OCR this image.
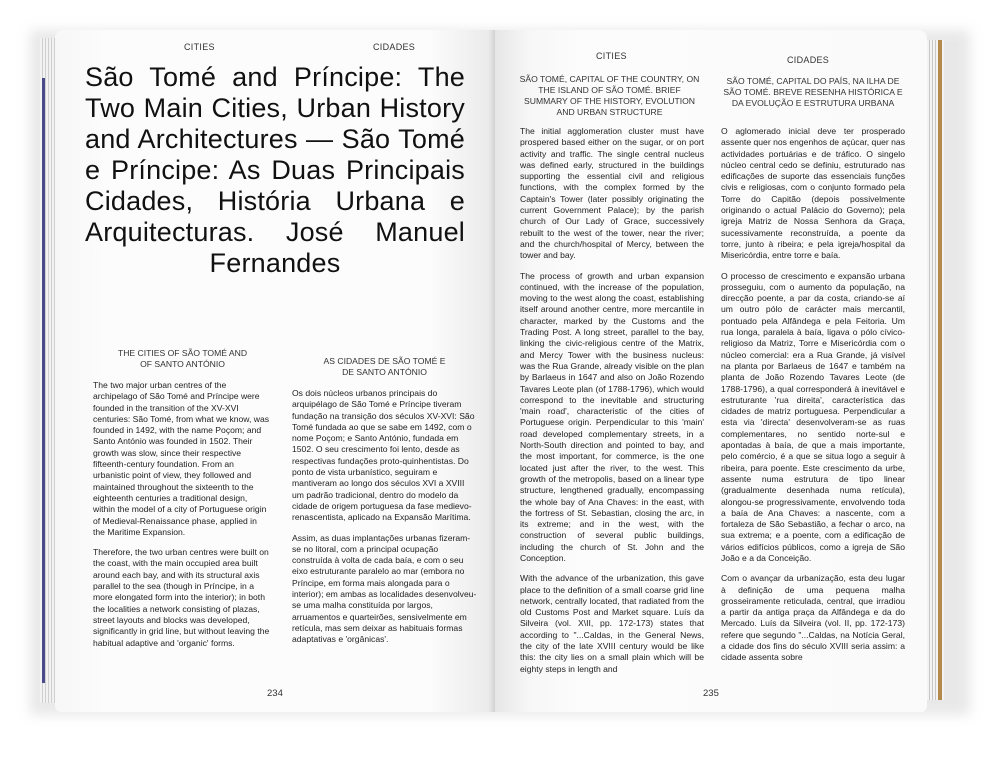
CITIES	CIDADES
São Tomé and Príncipe: The Two Main Cities, Urban History and Architectures — São Tomé e Príncipe: As Duas Principais Cidades, História Urbana e Arquitecturas. José Manuel Fernandes
THE CITIES OF SÃO TOMÉ AND OF SANTO ANTÓNIO	AS CIDADES DE SÃO TOMÉ E DE SANTO ANTÓNIO

The two major urban centres of the archipelago of São Tomé and Príncipe were founded in the transition of the XV-XVI centuries: São Tomé, from what we know, was founded in 1492, with the name Poçom; and Santo António was founded in 1502. Their growth was slow, since their respective fifteenth-century foundation. From an urbanistic point of view, they followed and maintained throughout the sixteenth to the eighteenth centuries a traditional design, within the model of a city of Portuguese origin of Medieval-Renaissance phase, applied in the Maritime Expansion.

Therefore, the two urban centres were built on the coast, with the main occupied area built around each bay, and with its structural axis parallel to the sea (though in Príncipe, in a more elongated form into the interior); in both the localities a network consisting of plazas, street layouts and blocks was developed, significantly in grid line, but without leaving the habitual adaptive and 'organic' forms.

Os dois núcleos urbanos principais do arquipélago de São Tomé e Príncipe tiveram fundação na transição dos séculos XV-XVI: São Tomé fundada ao que se sabe em 1492, com o nome Poçom; e Santo António, fundada em 1502. O seu crescimento foi lento, desde as respectivas fundações proto-quinhentistas. Do ponto de vista urbanístico, seguiram e mantiveram ao longo dos séculos XVI a XVIII um padrão tradicional, dentro do modelo da cidade de origem portuguesa da fase medievo-renascentista, aplicado na Expansão Marítima.

Assim, as duas implantações urbanas fizeram-se no litoral, com a principal ocupação construída à volta de cada baía, e com o seu eixo estruturante paralelo ao mar (embora no Príncipe, em forma mais alongada para o interior); em ambas as localidades desenvolveu-se uma malha constituída por largos, arruamentos e quarteirões, sensivelmente em retícula, mas sem deixar as habituais formas adaptativas e 'orgânicas'.

234
CITIES	CIDADES
SÃO TOMÉ, CAPITAL OF THE COUNTRY, ON THE ISLAND OF SÃO TOMÉ. BRIEF SUMMARY OF THE HISTORY, EVOLUTION AND URBAN STRUCTURE
SÃO TOMÉ, CAPITAL DO PAÍS, NA ILHA DE SÃO TOMÉ. BREVE RESENHA HISTÓRICA E DA EVOLUÇÃO E ESTRUTURA URBANA

The initial agglomeration cluster must have prospered based either on the sugar, or on port activity and traffic. The single central nucleus was defined early, structured in the buildings supporting the essential civil and religious functions, with the complex formed by the Captain's Tower (later possibly originating the current Government Palace); by the parish church of Our Lady of Grace, successively rebuilt to the west of the tower, near the river; and the church/hospital of Mercy, between the tower and bay.

The process of growth and urban expansion continued, with the increase of the population, moving to the west along the coast, establishing itself around another centre, more mercantile in character, marked by the Customs and the Trading Post. A long street, parallel to the bay, linking the civic-religious centre of the Matrix, and Mercy Tower with the business nucleus: was the Rua Grande, already visible on the plan by Barlaeus in 1647 and also on João Rozendo Tavares Leote plan (of 1788-1796), which would correspond to the inevitable and structuring 'main road', characteristic of the cities of Portuguese origin. Perpendicular to this 'main' road developed complementary streets, in a North-South direction and pointed to bay, and the most important, for commerce, is the one located just after the river, to the west. This growth of the metropolis, based on a linear type structure, lengthened gradually, encompassing the whole bay of Ana Chaves: in the east, with the fortress of St. Sebastian, closing the arc, in its extreme; and in the west, with the construction of several public buildings, including the church of St. John and the Conception.

With the advance of the urbanization, this gave place to the definition of a small coarse grid line network, centrally located, that radiated from the old Customs Post and Market square. Luís da Silveira (vol. X\II, pp. 172-173) states that according to "...Caldas, in the General News, the city of the late XVIII century would be like this: the city lies on a small plain which will be eighty steps in length and

O aglomerado inicial deve ter prosperado assente quer nos engenhos de açúcar, quer nas actividades portuárias e de tráfico. O singelo núcleo central cedo se definiu, estruturado nas edificações de suporte das essenciais funções civis e religiosas, com o conjunto formado pela Torre do Capitão (depois possivelmente originando o actual Palácio do Governo); pela igreja Matriz de Nossa Senhora da Graça, sucessivamente reconstruída, a poente da torre, junto à ribeira; e pela igreja/hospital da Misericórdia, entre torre e baía.

O processo de crescimento e expansão urbana prosseguiu, com o aumento da população, na direcção poente, a par da costa, criando-se aí um outro pólo de carácter mais mercantil, pontuado pela Alfândega e pela Feitoria. Um rua longa, paralela à baía, ligava o pólo cívico-religioso da Matriz, Torre e Misericórdia com o núcleo comercial: era a Rua Grande, já visível na planta por Barlaeus de 1647 e também na planta de João Rozendo Tavares Leote (de 1788-1796), a qual corresponderá à inevitável e estruturante 'rua direita', característica das cidades de matriz portuguesa. Perpendicular a esta via 'directa' desenvolveram-se as ruas complementares, no sentido norte-sul e apontadas à baía, de que a mais importante, pelo comércio, é a que se situa logo a seguir à ribeira, para poente. Este crescimento da urbe, assente numa estrutura de tipo linear (gradualmente desenhada numa retícula), alongou-se progressivamente, envolvendo toda a baía de Ana Chaves: a nascente, com a fortaleza de São Sebastião, a fechar o arco, na sua extrema; e a poente, com a edificação de vários edifícios públicos, como a igreja de São João e a da Conceição.

Com o avançar da urbanização, esta deu lugar à definição de uma pequena malha grosseiramente reticulada, central, que irradiou a partir da antiga praça da Alfândega e da do Mercado. Luís da Silveira (vol. II, pp. 172-173) refere que segundo "...Caldas, na Notícia Geral, a cidade dos fins do século XVIII seria assim: a cidade assenta sobre

235
